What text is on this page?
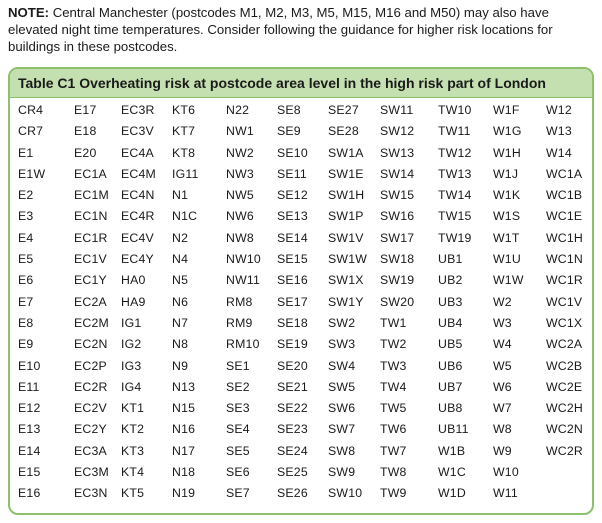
NOTE: Central Manchester (postcodes M1, M2, M3, M5, M15, M16 and M50) may also have elevated night time temperatures. Consider following the guidance for higher risk locations for buildings in these postcodes.
Table C1 Overheating risk at postcode area level in the high risk part of London
CR4	E17	EC3R	KT6	N22	SE8	SE27	SW11	TW10	W1F	W12
CR7	E18	EC3V	KT7	NW1	SE9	SE28	SW12	TW11	W1G	W13
E1	E20	EC4A	KT8	NW2	SE10	SW1A	SW13	TW12	W1H	W14
E1W	EC1A	EC4M	IG11	NW3	SE11	SW1E	SW14	TW13	W1J	WC1A
E2	EC1M EC4N	N1	NW5	SE12	SW1H	SW15	TW14	W1K	WC1B
E3	EC1N	EC4R	N1C	NW6	SE13	SW1P	SW16	TW15	W1S	WC1E
E4	EC1R	EC4V	N2	NW8	SE14	SW1V	SW17	TW19	W1T	WC1H
E5	EC1V	EC4Y	N4	NW10	SE15	SW1W	SW18	UB1	W1U	WC1N
E6	EC1Y	HA0	N5	NW11	SE16	SW1X	SW19	UB2	W1W	WC1R
E7	EC2A	HA9	N6	RM8	SE17	SW1Y	SW20	UB3	W2	WC1V
E8	EC2M IG1	N7	RM9	SE18	SW2	TW1	UB4	W3	WC1X
E9	EC2N	IG2	N8	RM10	SE19	SW3	TW2	UB5	W4	WC2A
E10	EC2P	IG3	N9	SE1	SE20	SW4	TW3	UB6	W5	WC2B
E11	EC2R	IG4	N13	SE2	SE21	SW5	TW4	UB7	W6	WC2E
E12	EC2V	KT1	N15	SE3	SE22	SW6	TW5	UB8	W7	WC2H
E13	EC2Y	KT2	N16	SE4	SE23	SW7	TW6	UB11	W8	WC2N
E14	EC3A	KT3	N17	SE5	SE24	SW8	TW7	W1B	W9	WC2R
E15	EC3M KT4	N18	SE6	SE25	SW9	TW8	W1C	W10
E16	EC3N	KT5	N19	SE7	SE26	SW10	TW9	W1D	W11
